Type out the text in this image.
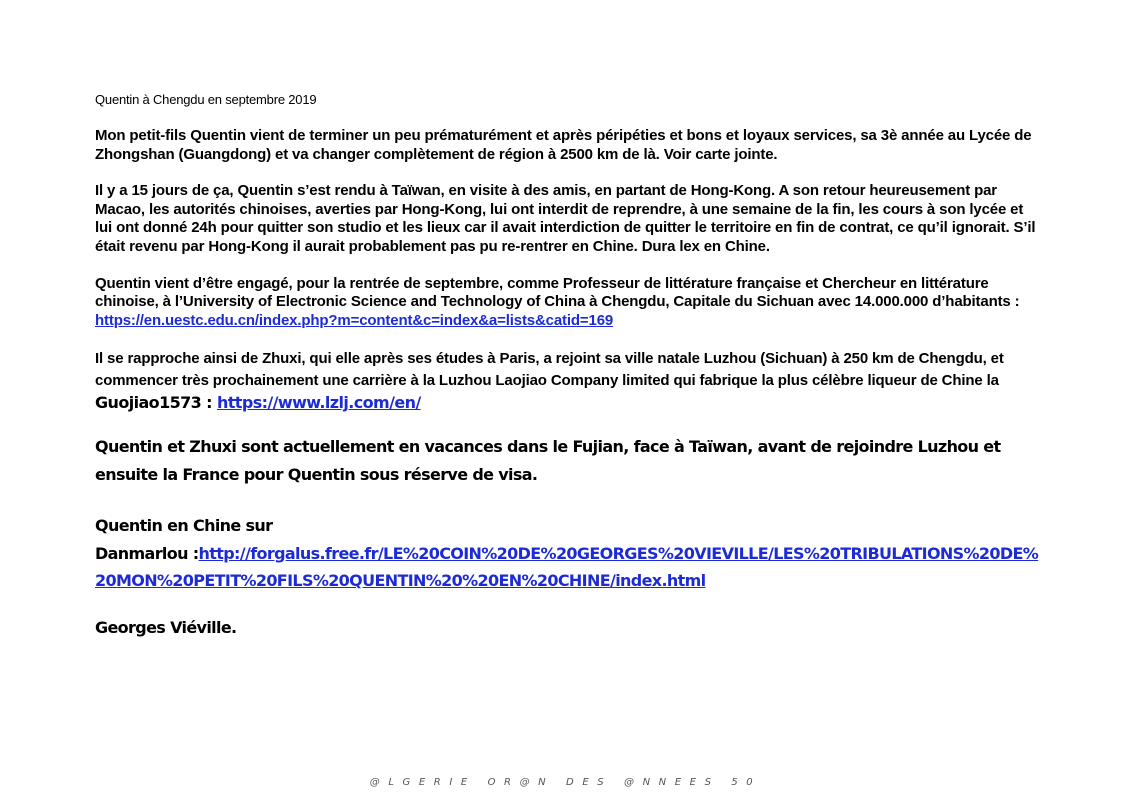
Quentin à Chengdu en septembre 2019

Mon petit-fils Quentin vient de terminer un peu prématurément et après péripéties et bons et loyaux services, sa 3è année au Lycée de Zhongshan (Guangdong) et va changer complètement de région à 2500 km de là. Voir carte jointe.

Il y a 15 jours de ça, Quentin s’est rendu à Taïwan, en visite à des amis, en partant de Hong-Kong. A son retour heureusement par Macao, les autorités chinoises, averties par Hong-Kong, lui ont interdit de reprendre, à une semaine de la fin, les cours à son lycée et lui ont donné 24h pour quitter son studio et les lieux car il avait interdiction de quitter le territoire en fin de contrat, ce qu’il ignorait. S’il était revenu par Hong-Kong il aurait probablement pas pu re-rentrer en Chine. Dura lex en Chine.

Quentin vient d’être engagé, pour la rentrée de septembre, comme Professeur de littérature française et Chercheur en littérature chinoise, à l’University of Electronic Science and Technology of China à Chengdu, Capitale du Sichuan avec 14.000.000 d’habitants : https://en.uestc.edu.cn/index.php?m=content&c=index&a=lists&catid=169

Il se rapproche ainsi de Zhuxi, qui elle après ses études à Paris, a rejoint sa ville natale Luzhou (Sichuan) à 250 km de Chengdu, et commencer très prochainement une carrière à la Luzhou Laojiao Company limited qui fabrique la plus célèbre liqueur de Chine la Guojiao1573 : https://www.lzlj.com/en/

Quentin et Zhuxi sont actuellement en vacances dans le Fujian, face à Taïwan, avant de rejoindre Luzhou et ensuite la France pour Quentin sous réserve de visa.

Quentin en Chine sur
Danmarlou :http://forgalus.free.fr/LE%20COIN%20DE%20GEORGES%20VIEVILLE/LES%20TRIBULATIONS%20DE%20MON%20PETIT%20FILS%20QUENTIN%20%20EN%20CHINE/index.html

Georges Viéville.

@LGERIE OR@N DES @NNEES 50
